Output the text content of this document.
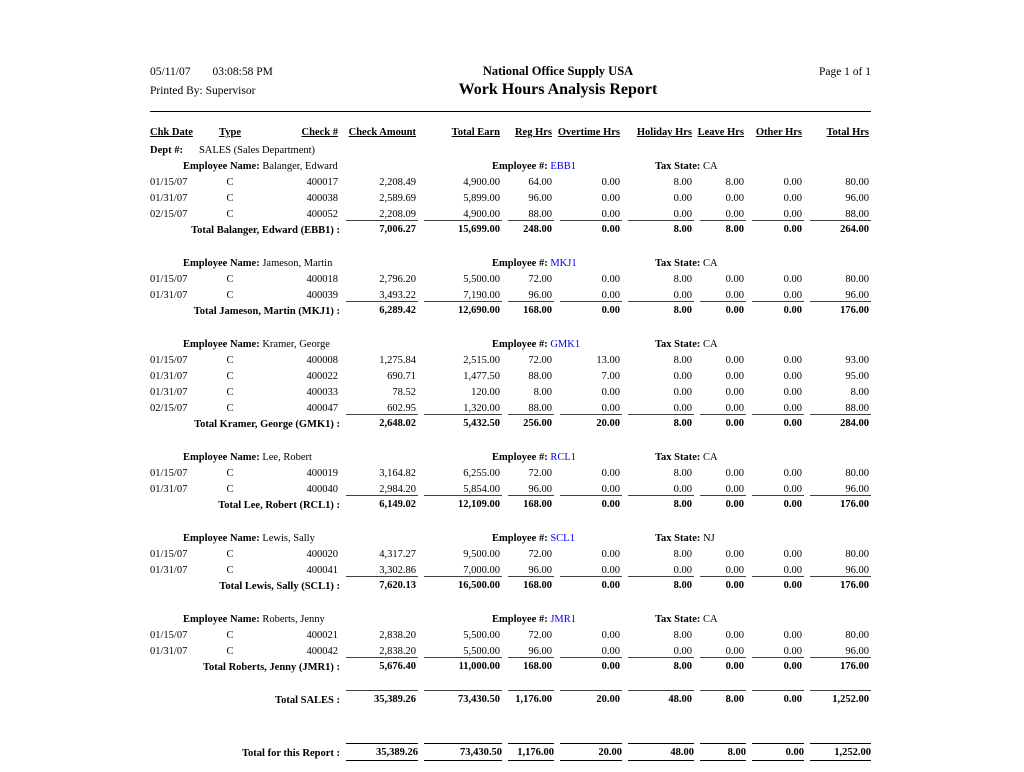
05/11/07 03:08:58 PM	National Office Supply USA	Page 1 of 1
Printed By: Supervisor	Work Hours Analysis Report
Chk Date	Type	Check #	Check Amount	Total Earn	Reg Hrs	Overtime Hrs	Holiday Hrs	Leave Hrs	Other Hrs	Total Hrs
Dept #: SALES (Sales Department)										

Employee Name: Balanger, Edward Employee #: EBB1 Tax State: CA										

01/15/07	C	400017	2,208.49	4,900.00	64.00	0.00	8.00	8.00	0.00	80.00
01/31/07	C	400038	2,589.69	5,899.00	96.00	0.00	0.00	0.00	0.00	96.00
02/15/07	C	400052	2,208.09	4,900.00	88.00	0.00	0.00	0.00	0.00	88.00
Total Balanger, Edward (EBB1) :			7,006.27	15,699.00	248.00	0.00	8.00	8.00	0.00	264.00

Employee Name: Jameson, Martin Employee #: MKJ1 Tax State: CA										

01/15/07	C	400018	2,796.20	5,500.00	72.00	0.00	8.00	0.00	0.00	80.00
01/31/07	C	400039	3,493.22	7,190.00	96.00	0.00	0.00	0.00	0.00	96.00
Total Jameson, Martin (MKJ1) :			6,289.42	12,690.00	168.00	0.00	8.00	0.00	0.00	176.00

Employee Name: Kramer, George Employee #: GMK1 Tax State: CA										

01/15/07	C	400008	1,275.84	2,515.00	72.00	13.00	8.00	0.00	0.00	93.00
01/31/07	C	400022	690.71	1,477.50	88.00	7.00	0.00	0.00	0.00	95.00
01/31/07	C	400033	78.52	120.00	8.00	0.00	0.00	0.00	0.00	8.00
02/15/07	C	400047	602.95	1,320.00	88.00	0.00	0.00	0.00	0.00	88.00
Total Kramer, George (GMK1) :			2,648.02	5,432.50	256.00	20.00	8.00	0.00	0.00	284.00

Employee Name: Lee, Robert Employee #: RCL1 Tax State: CA										

01/15/07	C	400019	3,164.82	6,255.00	72.00	0.00	8.00	0.00	0.00	80.00
01/31/07	C	400040	2,984.20	5,854.00	96.00	0.00	0.00	0.00	0.00	96.00
Total Lee, Robert (RCL1) :			6,149.02	12,109.00	168.00	0.00	8.00	0.00	0.00	176.00

Employee Name: Lewis, Sally Employee #: SCL1 Tax State: NJ										

01/15/07	C	400020	4,317.27	9,500.00	72.00	0.00	8.00	0.00	0.00	80.00
01/31/07	C	400041	3,302.86	7,000.00	96.00	0.00	0.00	0.00	0.00	96.00
Total Lewis, Sally (SCL1) :			7,620.13	16,500.00	168.00	0.00	8.00	0.00	0.00	176.00

Employee Name: Roberts, Jenny Employee #: JMR1 Tax State: CA										

01/15/07	C	400021	2,838.20	5,500.00	72.00	0.00	8.00	0.00	0.00	80.00
01/31/07	C	400042	2,838.20	5,500.00	96.00	0.00	0.00	0.00	0.00	96.00
Total Roberts, Jenny (JMR1) :			5,676.40	11,000.00	168.00	0.00	8.00	0.00	0.00	176.00

Total SALES :			35,389.26	73,430.50	1,176.00	20.00	48.00	8.00	0.00	1,252.00

Total for this Report :			35,389.26	73,430.50	1,176.00	20.00	48.00	8.00	0.00	1,252.00
